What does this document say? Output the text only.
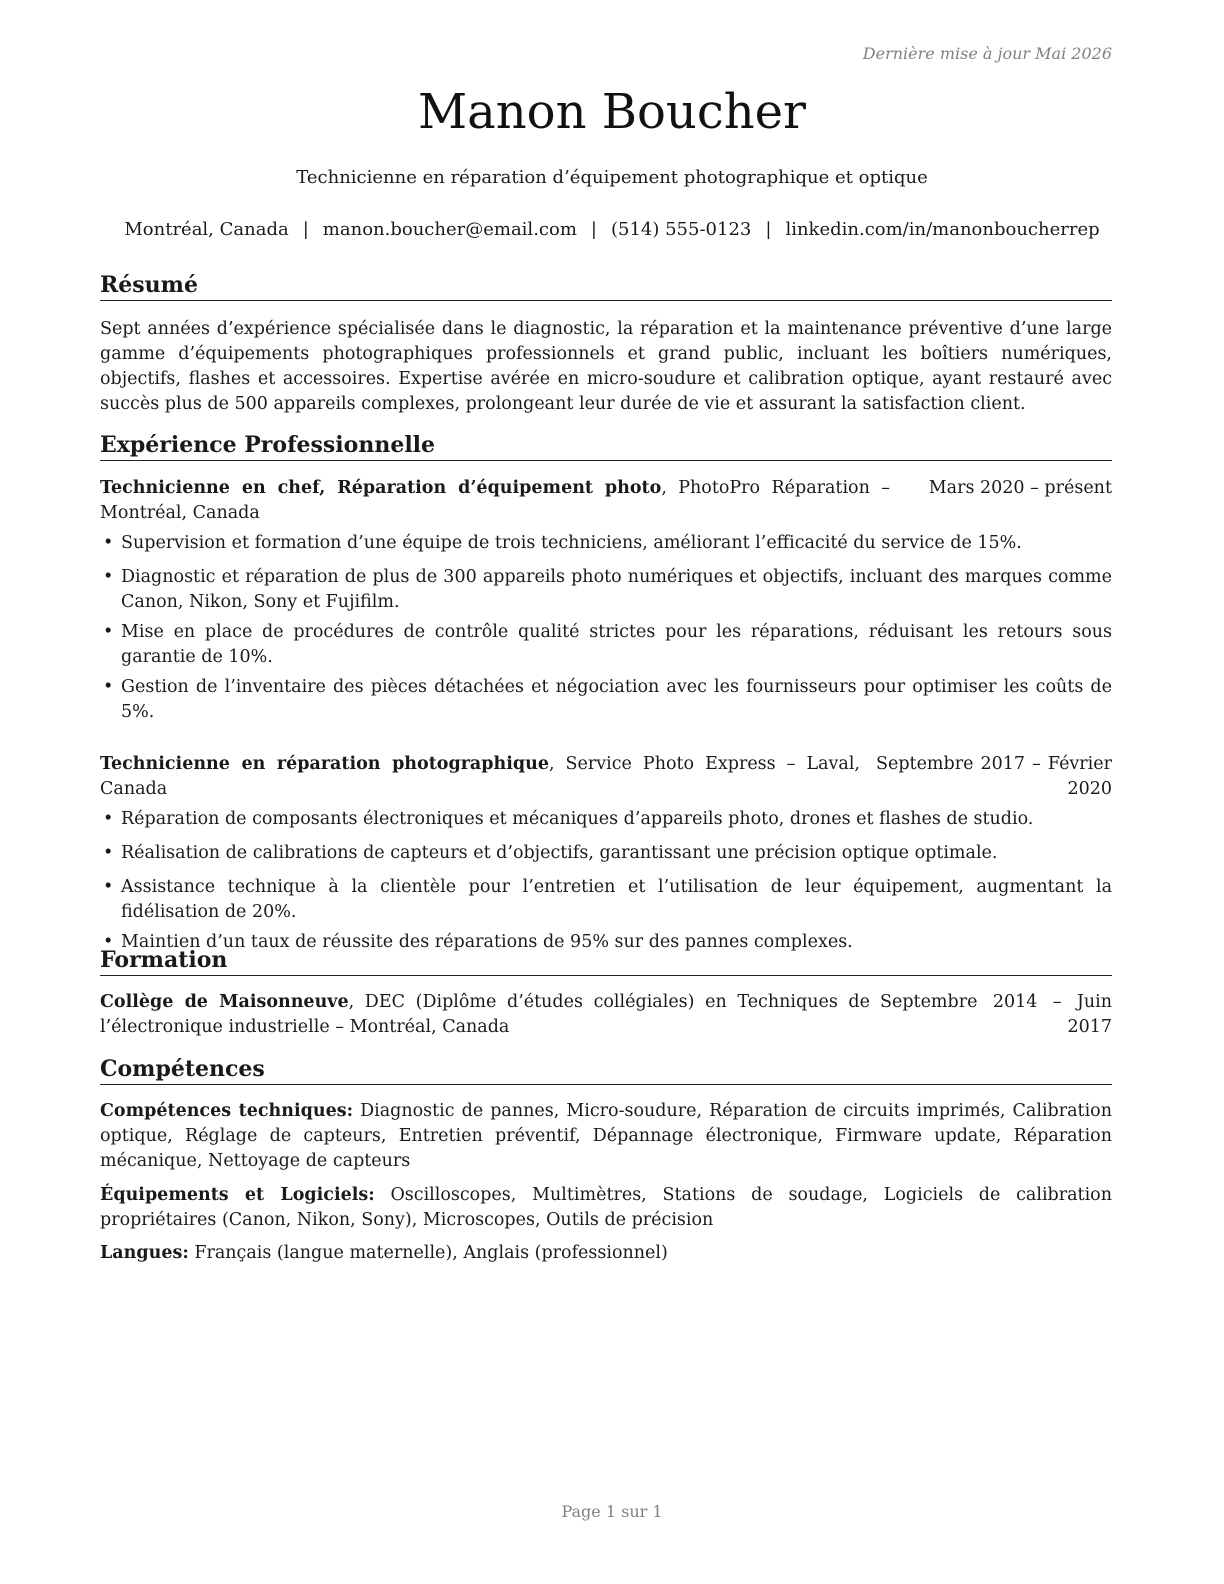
Dernière mise à jour Mai 2026
Manon Boucher
Technicienne en réparation d’équipement photographique et optique
Montréal, Canada | manon.boucher@email.com | (514) 555-0123 | linkedin.com/in/manonboucherrep
Résumé

Sept années d’expérience spécialisée dans le diagnostic, la réparation et la maintenance préventive d’une large gamme d’équipements photographiques professionnels et grand public, incluant les boîtiers numériques, objectifs, flashes et accessoires. Expertise avérée en micro-soudure et calibration optique, ayant restauré avec succès plus de 500 appareils complexes, prolongeant leur durée de vie et assurant la satisfaction client.

Expérience Professionnelle
Technicienne en chef, Réparation d’équipement photo, PhotoPro Réparation – Montréal, Canada
Mars 2020 – présent
• Supervision et formation d’une équipe de trois techniciens, améliorant l’efficacité du service de 15%.
• Diagnostic et réparation de plus de 300 appareils photo numériques et objectifs, incluant des marques comme Canon, Nikon, Sony et Fujifilm.
• Mise en place de procédures de contrôle qualité strictes pour les réparations, réduisant les retours sous garantie de 10%.
• Gestion de l’inventaire des pièces détachées et négociation avec les fournisseurs pour optimiser les coûts de 5%.
Technicienne en réparation photographique, Service Photo Express – Laval, Canada
Septembre 2017 – Février 2020
• Réparation de composants électroniques et mécaniques d’appareils photo, drones et flashes de studio.
• Réalisation de calibrations de capteurs et d’objectifs, garantissant une précision optique optimale.
• Assistance technique à la clientèle pour l’entretien et l’utilisation de leur équipement, augmentant la fidélisation de 20%.
• Maintien d’un taux de réussite des réparations de 95% sur des pannes complexes.
Formation
Collège de Maisonneuve, DEC (Diplôme d’études collégiales) en Techniques de l’électronique industrielle – Montréal, Canada
Septembre 2014 – Juin 2017
Compétences
Compétences techniques: Diagnostic de pannes, Micro-soudure, Réparation de circuits imprimés, Calibration optique, Réglage de capteurs, Entretien préventif, Dépannage électronique, Firmware update, Réparation mécanique, Nettoyage de capteurs
Équipements et Logiciels: Oscilloscopes, Multimètres, Stations de soudage, Logiciels de calibration propriétaires (Canon, Nikon, Sony), Microscopes, Outils de précision
Langues: Français (langue maternelle), Anglais (professionnel)
Page 1 sur 1
